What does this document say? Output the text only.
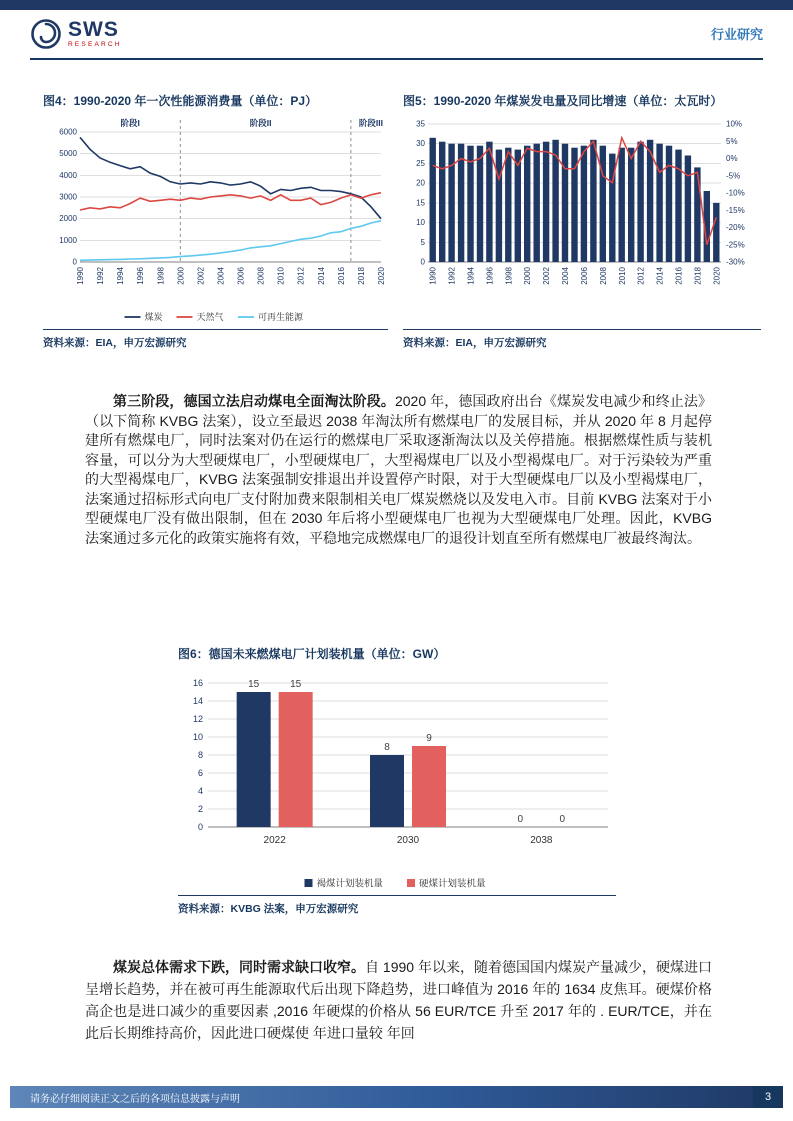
SWS
RESEARCH
行业研究
图4：1990-2020 年一次性能源消费量（单位：PJ）
0
1000
2000
3000
4000
5000
6000
阶段I	阶段II	阶段III
1990 1992 1994 1996 1998 2000 2002 2004 2006 2008 2010 2012 2014 2016 2018 2020
煤炭	天然气	可再生能源
资料来源：EIA，申万宏源研究
图5：1990-2020 年煤炭发电量及同比增速（单位：太瓦时）
0
5
10
15
20
25
30
35	10%
5%
0%
-5%
-10%
-15%
-20%
-25%
-30%
1990 1992 1994 1996 1998 2000 2002 2004 2006 2008 2010 2012 2014 2016 2018 2020
资料来源：EIA，申万宏源研究

第三阶段，德国立法启动煤电全面淘汰阶段。2020 年，德国政府出台《煤炭发电减少和终止法》（以下简称 KVBG 法案），设立至最迟 2038 年淘汰所有燃煤电厂的发展目标，并从 2020 年 8 月起停建所有燃煤电厂，同时法案对仍在运行的燃煤电厂采取逐渐淘汰以及关停措施。根据燃煤性质与装机容量，可以分为大型硬煤电厂，小型硬煤电厂，大型褐煤电厂以及小型褐煤电厂。对于污染较为严重的大型褐煤电厂，KVBG 法案强制安排退出并设置停产时限，对于大型硬煤电厂以及小型褐煤电厂，法案通过招标形式向电厂支付附加费来限制相关电厂煤炭燃烧以及发电入市。目前 KVBG 法案对于小型硬煤电厂没有做出限制，但在 2030 年后将小型硬煤电厂也视为大型硬煤电厂处理。因此，KVBG 法案通过多元化的政策实施将有效，平稳地完成燃煤电厂的退役计划直至所有燃煤电厂被最终淘汰。

图6：德国未来燃煤电厂计划装机量（单位：GW）
0
2
4
6
8
10
12
14
16	15	15
2022
8
9
2030
0	0
2038
褐煤计划装机量	硬煤计划装机量
资料来源：KVBG 法案，申万宏源研究

煤炭总体需求下跌，同时需求缺口收窄。自 1990 年以来，随着德国国内煤炭产量减少，硬煤进口呈增长趋势，并在被可再生能源取代后出现下降趋势，进口峰值为 2016 年的 1634 皮焦耳。硬煤价格高企也是进口减少的重要因素 ,2016 年硬煤的价格从 56 EUR/TCE 升至 2017 年的 . EUR/TCE，并在此后长期维持高价，因此进口硬煤使 年进口量较 年回

请务必仔细阅读正文之后的各项信息披露与声明	3
